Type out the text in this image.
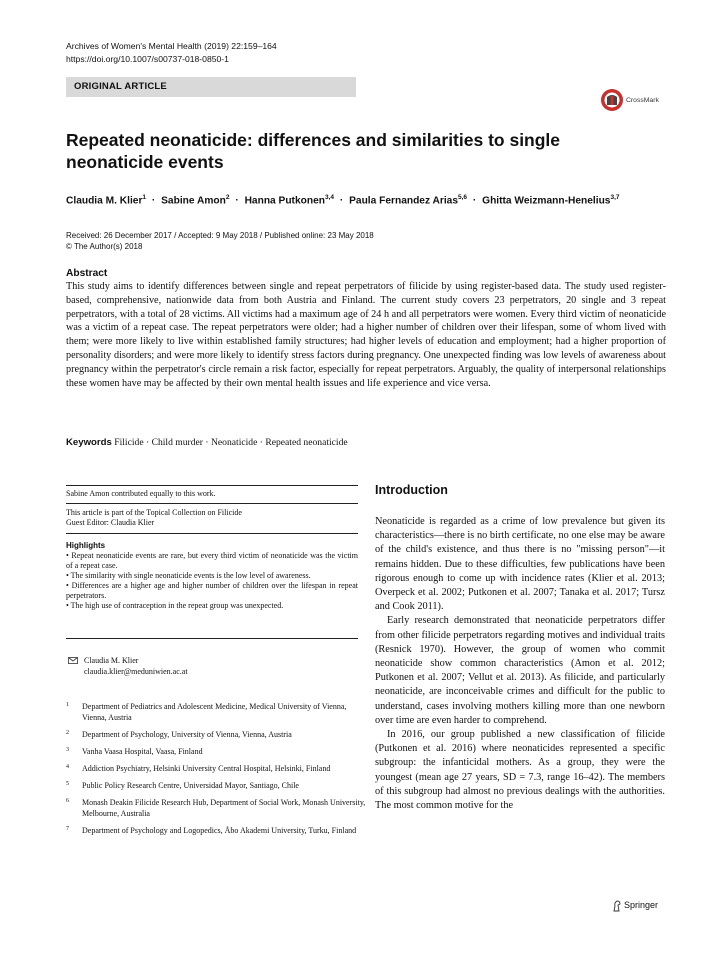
Archives of Women's Mental Health (2019) 22:159–164
https://doi.org/10.1007/s00737-018-0850-1
ORIGINAL ARTICLE
CrossMark
Repeated neonaticide: differences and similarities to single neonaticide events
Claudia M. Klier$^1$ · Sabine Amon$^2$ · Hanna Putkonen$^{3,4}$ · Paula Fernandez Arias$^{5,6}$ · Ghitta Weizmann-Henelius$^{3,7}$
Received: 26 December 2017 / Accepted: 9 May 2018 / Published online: 23 May 2018
© The Author(s) 2018
Abstract
This study aims to identify differences between single and repeat perpetrators of filicide by using register-based data. The study used register-based, comprehensive, nationwide data from both Austria and Finland. The current study covers 23 perpetrators, 20 single and 3 repeat perpetrators, with a total of 28 victims. All victims had a maximum age of 24 h and all perpetrators were women. Every third victim of neonaticide was a victim of a repeat case. The repeat perpetrators were older; had a higher number of children over their lifespan, some of whom lived with them; were more likely to live within established family structures; had higher levels of education and employment; had a higher proportion of personality disorders; and were more likely to identify stress factors during pregnancy. One unexpected finding was low levels of awareness about pregnancy within the perpetrator's circle remain a risk factor, especially for repeat perpetrators. Arguably, the quality of interpersonal relationships these women have may be affected by their own mental health issues and life experience and vice versa.
Keywords Filicide · Child murder · Neonaticide · Repeated neonaticide
Sabine Amon contributed equally to this work.
This article is part of the Topical Collection on Filicide
Guest Editor: Claudia Klier
Highlights
• Repeat neonaticide events are rare, but every third victim of neonaticide was the victim of a repeat case.
• The similarity with single neonaticide events is the low level of awareness.
• Differences are a higher age and higher number of children over the lifespan in repeat perpetrators.
• The high use of contraception in the repeat group was unexpected.
Claudia M. Klier
claudia.klier@meduniwien.ac.at
1 Department of Pediatrics and Adolescent Medicine, Medical University of Vienna, Vienna, Austria
2 Department of Psychology, University of Vienna, Vienna, Austria
3 Vanha Vaasa Hospital, Vaasa, Finland
4 Addiction Psychiatry, Helsinki University Central Hospital, Helsinki, Finland
5 Public Policy Research Centre, Universidad Mayor, Santiago, Chile
6 Monash Deakin Filicide Research Hub, Department of Social Work, Monash University, Melbourne, Australia
7 Department of Psychology and Logopedics, Åbo Akademi University, Turku, Finland
Introduction

Neonaticide is regarded as a crime of low prevalence but given its characteristics—there is no birth certificate, no one else may be aware of the child's existence, and thus there is no "missing person"—it remains hidden. Due to these difficulties, few publications have been rigorous enough to come up with incidence rates (Klier et al. 2013; Overpeck et al. 2002; Putkonen et al. 2007; Tanaka et al. 2017; Tursz and Cook 2011).

Early research demonstrated that neonaticide perpetrators differ from other filicide perpetrators regarding motives and individual traits (Resnick 1970). However, the group of women who commit neonaticide show common characteristics (Amon et al. 2012; Putkonen et al. 2007; Vellut et al. 2013). As filicide, and particularly neonaticide, are inconceivable crimes and difficult for the public to understand, cases involving mothers killing more than one newborn over time are even harder to comprehend.

In 2016, our group published a new classification of filicide (Putkonen et al. 2016) where neonaticides represented a specific subgroup: the infanticidal mothers. As a group, they were the youngest (mean age 27 years, SD = 7.3, range 16–42). The members of this subgroup had almost no previous dealings with the authorities. The most common motive for the

Springer
